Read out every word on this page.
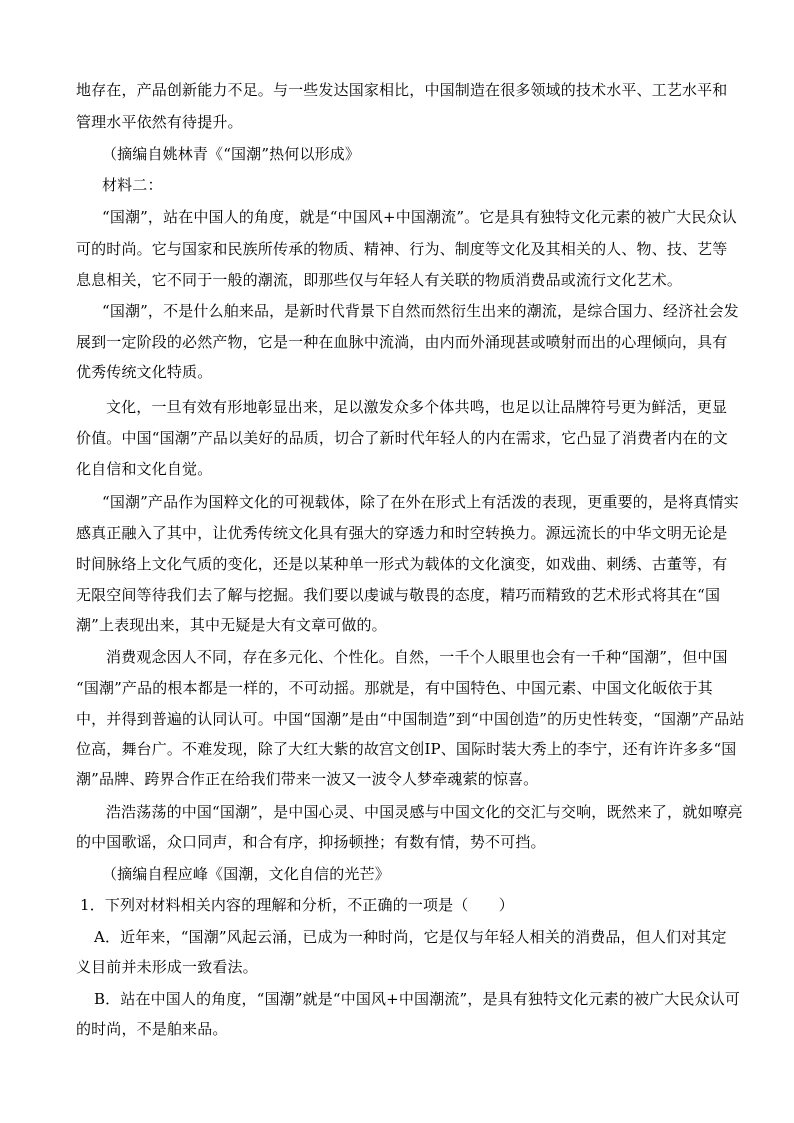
地存在，产品创新能力不足。与一些发达国家相比，中国制造在很多领域的技术水平、工艺水平和
管理水平依然有待提升。
（摘编自姚林青《“国潮”热何以形成》
材料二：
“国潮”，站在中国人的角度，就是“中国风+中国潮流”。它是具有独特文化元素的被广大民众认
可的时尚。它与国家和民族所传承的物质、精神、行为、制度等文化及其相关的人、物、技、艺等
息息相关，它不同于一般的潮流，即那些仅与年轻人有关联的物质消费品或流行文化艺术。
“国潮”，不是什么舶来品，是新时代背景下自然而然衍生出来的潮流，是综合国力、经济社会发
展到一定阶段的必然产物，它是一种在血脉中流淌，由内而外涌现甚或喷射而出的心理倾向，具有
优秀传统文化特质。
文化，一旦有效有形地彰显出来，足以激发众多个体共鸣，也足以让品牌符号更为鲜活，更显
价值。中国“国潮”产品以美好的品质，切合了新时代年轻人的内在需求，它凸显了消费者内在的文
化自信和文化自觉。
“国潮”产品作为国粹文化的可视载体，除了在外在形式上有活泼的表现，更重要的，是将真情实
感真正融入了其中，让优秀传统文化具有强大的穿透力和时空转换力。源远流长的中华文明无论是
时间脉络上文化气质的变化，还是以某种单一形式为载体的文化演变，如戏曲、刺绣、古董等，有
无限空间等待我们去了解与挖掘。我们要以虔诚与敬畏的态度，精巧而精致的艺术形式将其在“国
潮”上表现出来，其中无疑是大有文章可做的。
消费观念因人不同，存在多元化、个性化。自然，一千个人眼里也会有一千种“国潮”，但中国
“国潮”产品的根本都是一样的，不可动摇。那就是，有中国特色、中国元素、中国文化皈依于其
中，并得到普遍的认同认可。中国“国潮”是由“中国制造”到“中国创造”的历史性转变，“国潮”产品站
位高，舞台广。不难发现，除了大红大紫的故宫文创IP、国际时装大秀上的李宁，还有许许多多“国
潮”品牌、跨界合作正在给我们带来一波又一波令人梦牵魂萦的惊喜。
浩浩荡荡的中国“国潮”，是中国心灵、中国灵感与中国文化的交汇与交响，既然来了，就如嘹亮
的中国歌谣，众口同声，和合有序，抑扬顿挫；有数有情，势不可挡。
（摘编自程应峰《国潮，文化自信的光芒》
1．下列对材料相关内容的理解和分析，不正确的一项是（　　）
A．近年来，“国潮”风起云涌，已成为一种时尚，它是仅与年轻人相关的消费品，但人们对其定
义目前并未形成一致看法。
B．站在中国人的角度，“国潮”就是“中国风+中国潮流”，是具有独特文化元素的被广大民众认可
的时尚，不是舶来品。
